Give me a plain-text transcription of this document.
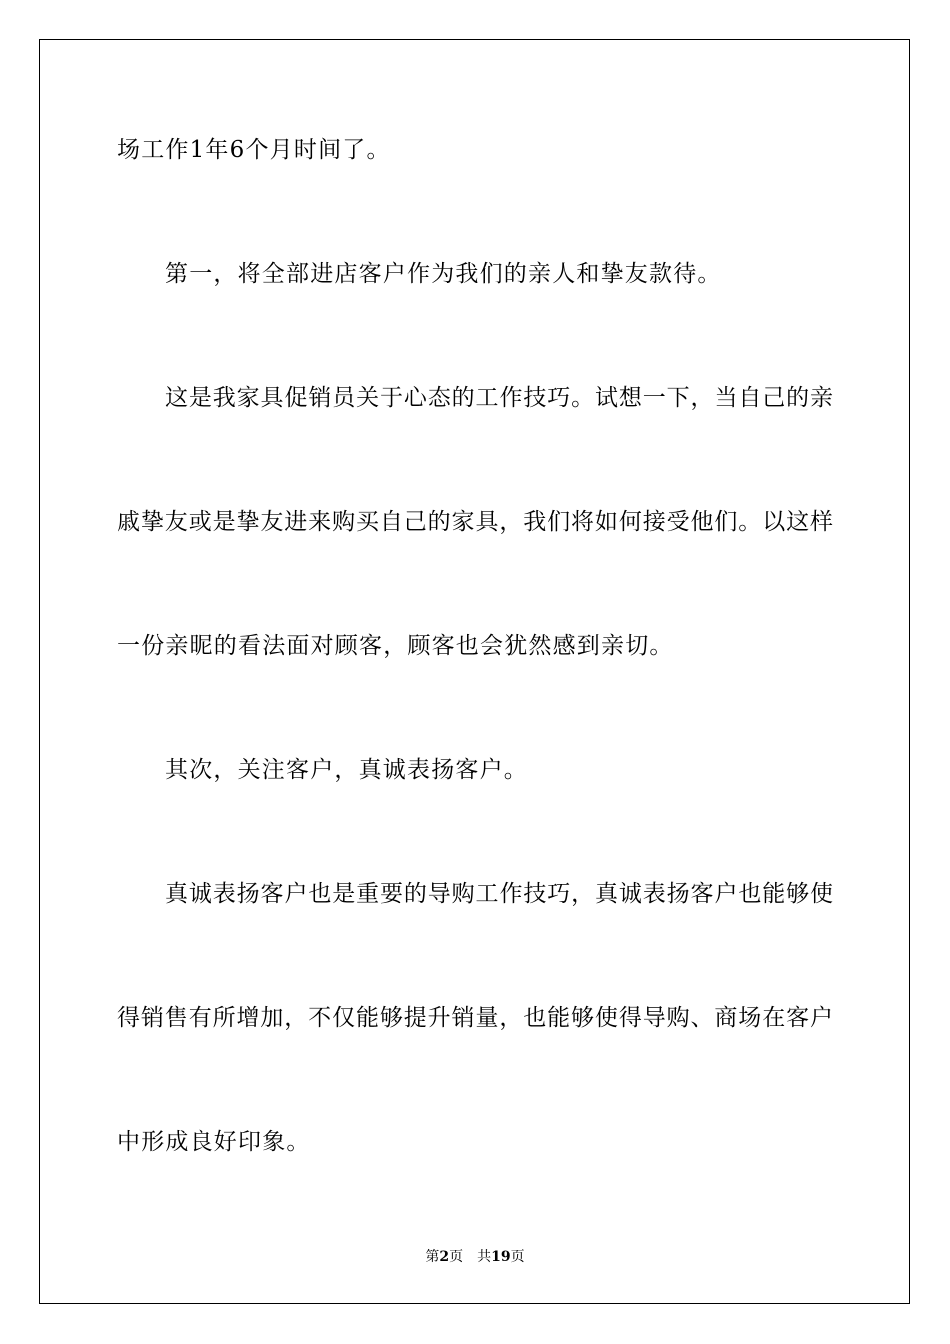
场工作1年6个月时间了。

第一，将全部进店客户作为我们的亲人和挚友款待。

这是我家具促销员关于心态的工作技巧。试想一下，当自己的亲

戚挚友或是挚友进来购买自己的家具，我们将如何接受他们。以这样

一份亲昵的看法面对顾客，顾客也会犹然感到亲切。

其次，关注客户，真诚表扬客户。

真诚表扬客户也是重要的导购工作技巧，真诚表扬客户也能够使

得销售有所增加，不仅能够提升销量，也能够使得导购、商场在客户

中形成良好印象。

第2页 共19页
